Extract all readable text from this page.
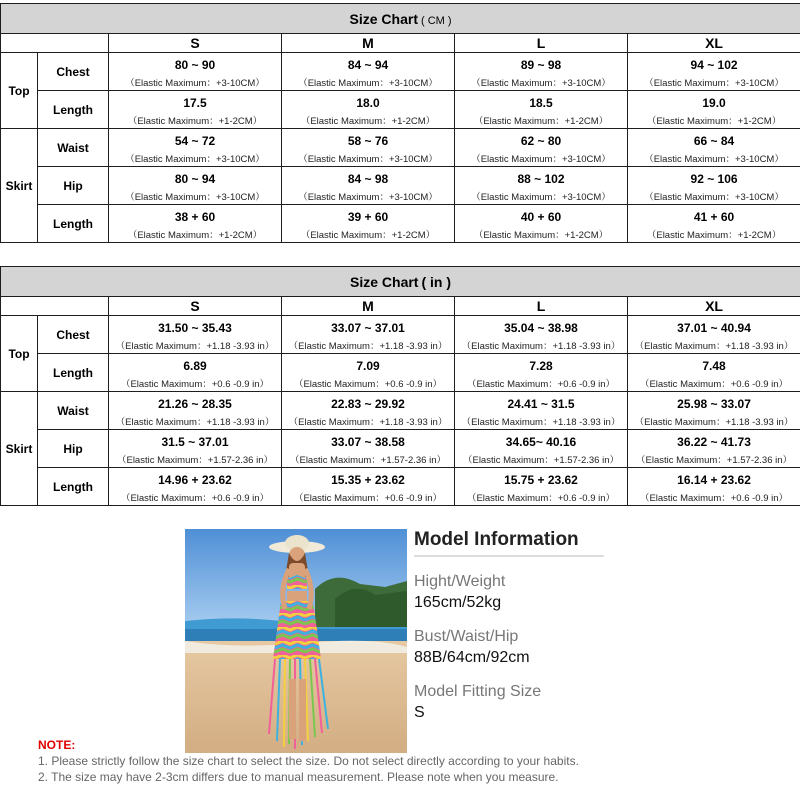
Size Chart ( CM )					
		S	M	L	XL
Top	Chest	80 ~ 90	84 ~ 94	89 ~ 98	94 ~ 102
		（Elastic Maximum：+3-10CM）	（Elastic Maximum：+3-10CM）	（Elastic Maximum：+3-10CM）	（Elastic Maximum：+3-10CM）
	Length	17.5	18.0	18.5	19.0
		（Elastic Maximum：+1-2CM）	（Elastic Maximum：+1-2CM）	（Elastic Maximum：+1-2CM）	（Elastic Maximum：+1-2CM）
Skirt	Waist	54 ~ 72	58 ~ 76	62 ~ 80	66 ~ 84
		（Elastic Maximum：+3-10CM）	（Elastic Maximum：+3-10CM）	（Elastic Maximum：+3-10CM）	（Elastic Maximum：+3-10CM）
	Hip	80 ~ 94	84 ~ 98	88 ~ 102	92 ~ 106
		（Elastic Maximum：+3-10CM）	（Elastic Maximum：+3-10CM）	（Elastic Maximum：+3-10CM）	（Elastic Maximum：+3-10CM）
	Length	38 + 60	39 + 60	40 + 60	41 + 60
		（Elastic Maximum：+1-2CM）	（Elastic Maximum：+1-2CM）	（Elastic Maximum：+1-2CM）	（Elastic Maximum：+1-2CM）
Size Chart ( in )					
		S	M	L	XL
Top	Chest	31.50 ~ 35.43	33.07 ~ 37.01	35.04 ~ 38.98	37.01 ~ 40.94
		（Elastic Maximum：+1.18 -3.93 in）	（Elastic Maximum：+1.18 -3.93 in）	（Elastic Maximum：+1.18 -3.93 in）	（Elastic Maximum：+1.18 -3.93 in）
	Length	6.89	7.09	7.28	7.48
		（Elastic Maximum：+0.6 -0.9 in）	（Elastic Maximum：+0.6 -0.9 in）	（Elastic Maximum：+0.6 -0.9 in）	（Elastic Maximum：+0.6 -0.9 in）
Skirt	Waist	21.26 ~ 28.35	22.83 ~ 29.92	24.41 ~ 31.5	25.98 ~ 33.07
		（Elastic Maximum：+1.18 -3.93 in）	（Elastic Maximum：+1.18 -3.93 in）	（Elastic Maximum：+1.18 -3.93 in）	（Elastic Maximum：+1.18 -3.93 in）
	Hip	31.5 ~ 37.01	33.07 ~ 38.58	34.65~ 40.16	36.22 ~ 41.73
		（Elastic Maximum：+1.57-2.36 in）	（Elastic Maximum：+1.57-2.36 in）	（Elastic Maximum：+1.57-2.36 in）	（Elastic Maximum：+1.57-2.36 in）
	Length	14.96 + 23.62	15.35 + 23.62	15.75 + 23.62	16.14 + 23.62
		（Elastic Maximum：+0.6 -0.9 in）	（Elastic Maximum：+0.6 -0.9 in）	（Elastic Maximum：+0.6 -0.9 in）	（Elastic Maximum：+0.6 -0.9 in）
Model Information
Hight/Weight
165cm/52kg
Bust/Waist/Hip
88B/64cm/92cm
Model Fitting Size
S
NOTE:
1. Please strictly follow the size chart to select the size. Do not select directly according to your habits.
2. The size may have 2-3cm differs due to manual measurement. Please note when you measure.
